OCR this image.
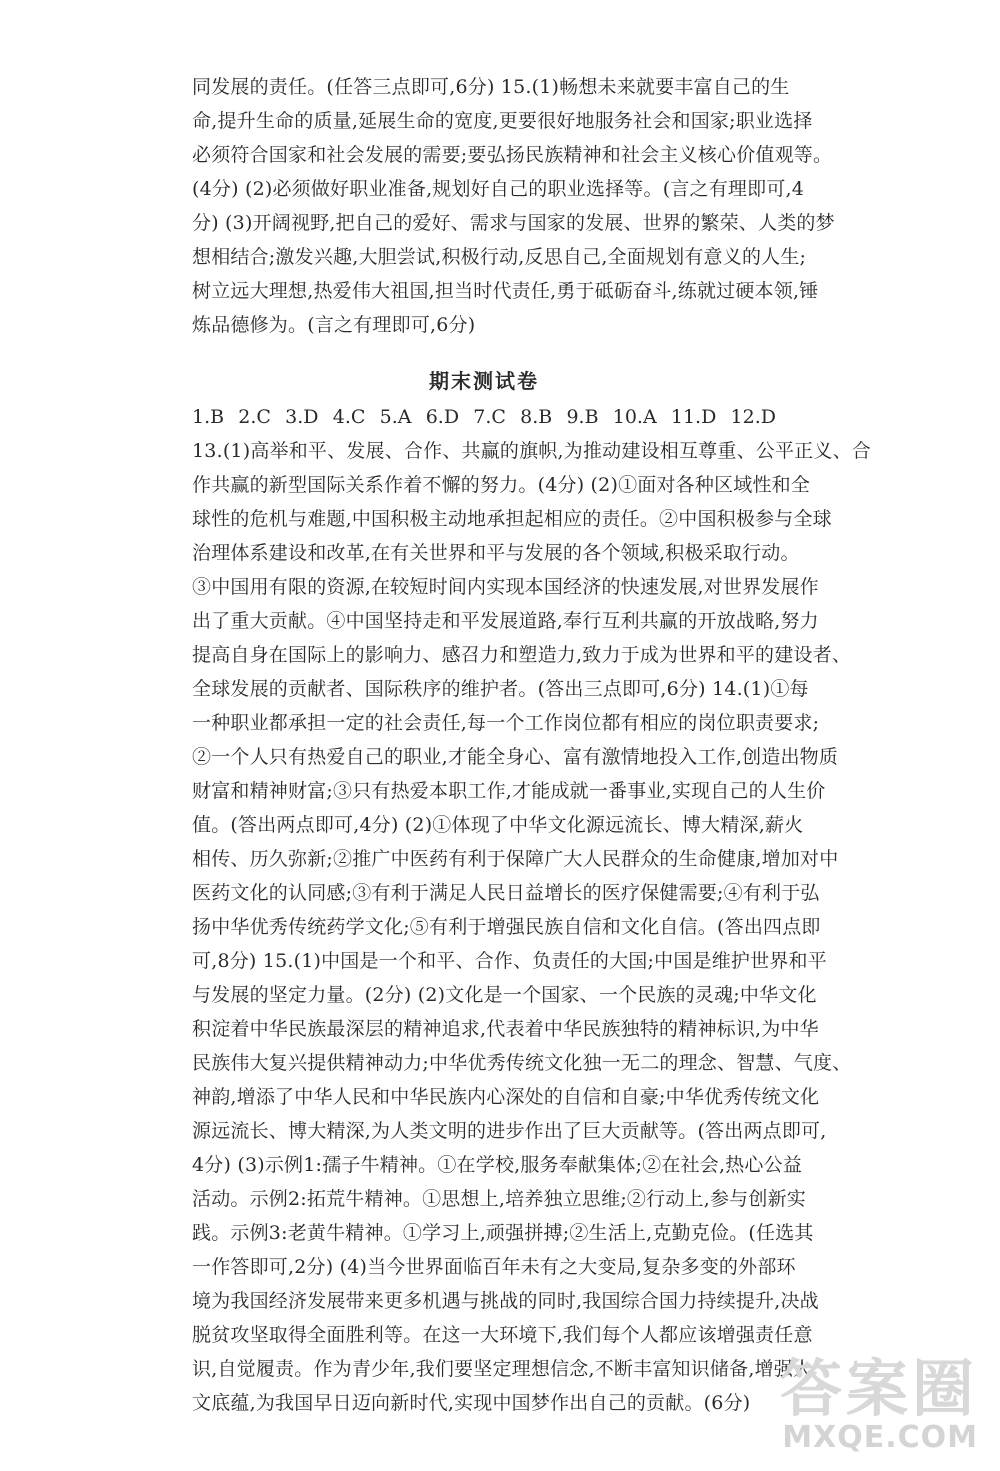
同发展的责任。(任答三点即可,6分) 15.(1)畅想未来就要丰富自己的生
命,提升生命的质量,延展生命的宽度,更要很好地服务社会和国家;职业选择
必须符合国家和社会发展的需要;要弘扬民族精神和社会主义核心价值观等。
(4分) (2)必须做好职业准备,规划好自己的职业选择等。(言之有理即可,4
分) (3)开阔视野,把自己的爱好、需求与国家的发展、世界的繁荣、人类的梦
想相结合;激发兴趣,大胆尝试,积极行动,反思自己,全面规划有意义的人生;
树立远大理想,热爱伟大祖国,担当时代责任,勇于砥砺奋斗,练就过硬本领,锤
炼品德修为。(言之有理即可,6分)
期末测试卷
1.B 2.C 3.D 4.C 5.A 6.D 7.C 8.B 9.B 10.A 11.D 12.D
13.(1)高举和平、发展、合作、共赢的旗帜,为推动建设相互尊重、公平正义、合
作共赢的新型国际关系作着不懈的努力。(4分) (2)①面对各种区域性和全
球性的危机与难题,中国积极主动地承担起相应的责任。②中国积极参与全球
治理体系建设和改革,在有关世界和平与发展的各个领域,积极采取行动。
③中国用有限的资源,在较短时间内实现本国经济的快速发展,对世界发展作
出了重大贡献。④中国坚持走和平发展道路,奉行互利共赢的开放战略,努力
提高自身在国际上的影响力、感召力和塑造力,致力于成为世界和平的建设者、
全球发展的贡献者、国际秩序的维护者。(答出三点即可,6分) 14.(1)①每
一种职业都承担一定的社会责任,每一个工作岗位都有相应的岗位职责要求;
②一个人只有热爱自己的职业,才能全身心、富有激情地投入工作,创造出物质
财富和精神财富;③只有热爱本职工作,才能成就一番事业,实现自己的人生价
值。(答出两点即可,4分) (2)①体现了中华文化源远流长、博大精深,薪火
相传、历久弥新;②推广中医药有利于保障广大人民群众的生命健康,增加对中
医药文化的认同感;③有利于满足人民日益增长的医疗保健需要;④有利于弘
扬中华优秀传统药学文化;⑤有利于增强民族自信和文化自信。(答出四点即
可,8分) 15.(1)中国是一个和平、合作、负责任的大国;中国是维护世界和平
与发展的坚定力量。(2分) (2)文化是一个国家、一个民族的灵魂;中华文化
积淀着中华民族最深层的精神追求,代表着中华民族独特的精神标识,为中华
民族伟大复兴提供精神动力;中华优秀传统文化独一无二的理念、智慧、气度、
神韵,增添了中华人民和中华民族内心深处的自信和自豪;中华优秀传统文化
源远流长、博大精深,为人类文明的进步作出了巨大贡献等。(答出两点即可,
4分) (3)示例1:孺子牛精神。①在学校,服务奉献集体;②在社会,热心公益
活动。示例2:拓荒牛精神。①思想上,培养独立思维;②行动上,参与创新实
践。示例3:老黄牛精神。①学习上,顽强拼搏;②生活上,克勤克俭。(任选其
一作答即可,2分) (4)当今世界面临百年未有之大变局,复杂多变的外部环
境为我国经济发展带来更多机遇与挑战的同时,我国综合国力持续提升,决战
脱贫攻坚取得全面胜利等。在这一大环境下,我们每个人都应该增强责任意
识,自觉履责。作为青少年,我们要坚定理想信念,不断丰富知识储备,增强人
文底蕴,为我国早日迈向新时代,实现中国梦作出自己的贡献。(6分) 答案圈
MXQE.COM
